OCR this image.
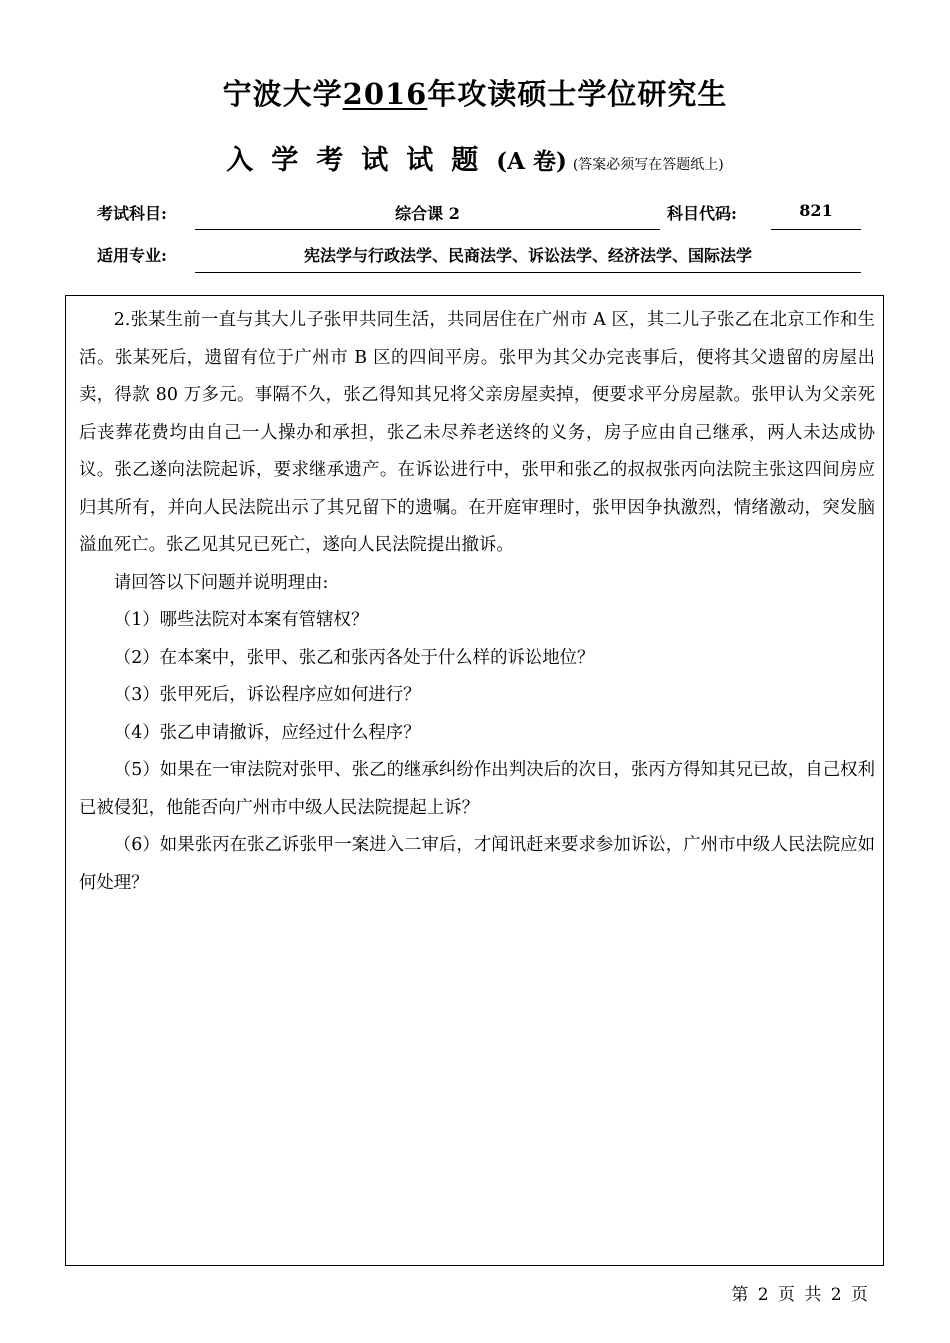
宁波大学2016年攻读硕士学位研究生
入学考试试题(A 卷) (答案必须写在答题纸上)
考试科目:	综合课 2	科目代码:	821
适用专业:	宪法学与行政法学、民商法学、诉讼法学、经济法学、国际法学

2.张某生前一直与其大儿子张甲共同生活，共同居住在广州市 A 区，其二儿子张乙在北京工作和生活。张某死后，遗留有位于广州市 B 区的四间平房。张甲为其父办完丧事后，便将其父遗留的房屋出卖，得款 80 万多元。事隔不久，张乙得知其兄将父亲房屋卖掉，便要求平分房屋款。张甲认为父亲死后丧葬花费均由自己一人操办和承担，张乙未尽养老送终的义务，房子应由自己继承，两人未达成协议。张乙遂向法院起诉，要求继承遗产。在诉讼进行中，张甲和张乙的叔叔张丙向法院主张这四间房应归其所有，并向人民法院出示了其兄留下的遗嘱。在开庭审理时，张甲因争执激烈，情绪激动，突发脑溢血死亡。张乙见其兄已死亡，遂向人民法院提出撤诉。

请回答以下问题并说明理由:

（1）哪些法院对本案有管辖权？

（2）在本案中，张甲、张乙和张丙各处于什么样的诉讼地位？

（3）张甲死后，诉讼程序应如何进行？

（4）张乙申请撤诉，应经过什么程序？

（5）如果在一审法院对张甲、张乙的继承纠纷作出判决后的次日，张丙方得知其兄已故，自己权利已被侵犯，他能否向广州市中级人民法院提起上诉？

（6）如果张丙在张乙诉张甲一案进入二审后，才闻讯赶来要求参加诉讼，广州市中级人民法院应如何处理？

第 2 页 共 2 页
